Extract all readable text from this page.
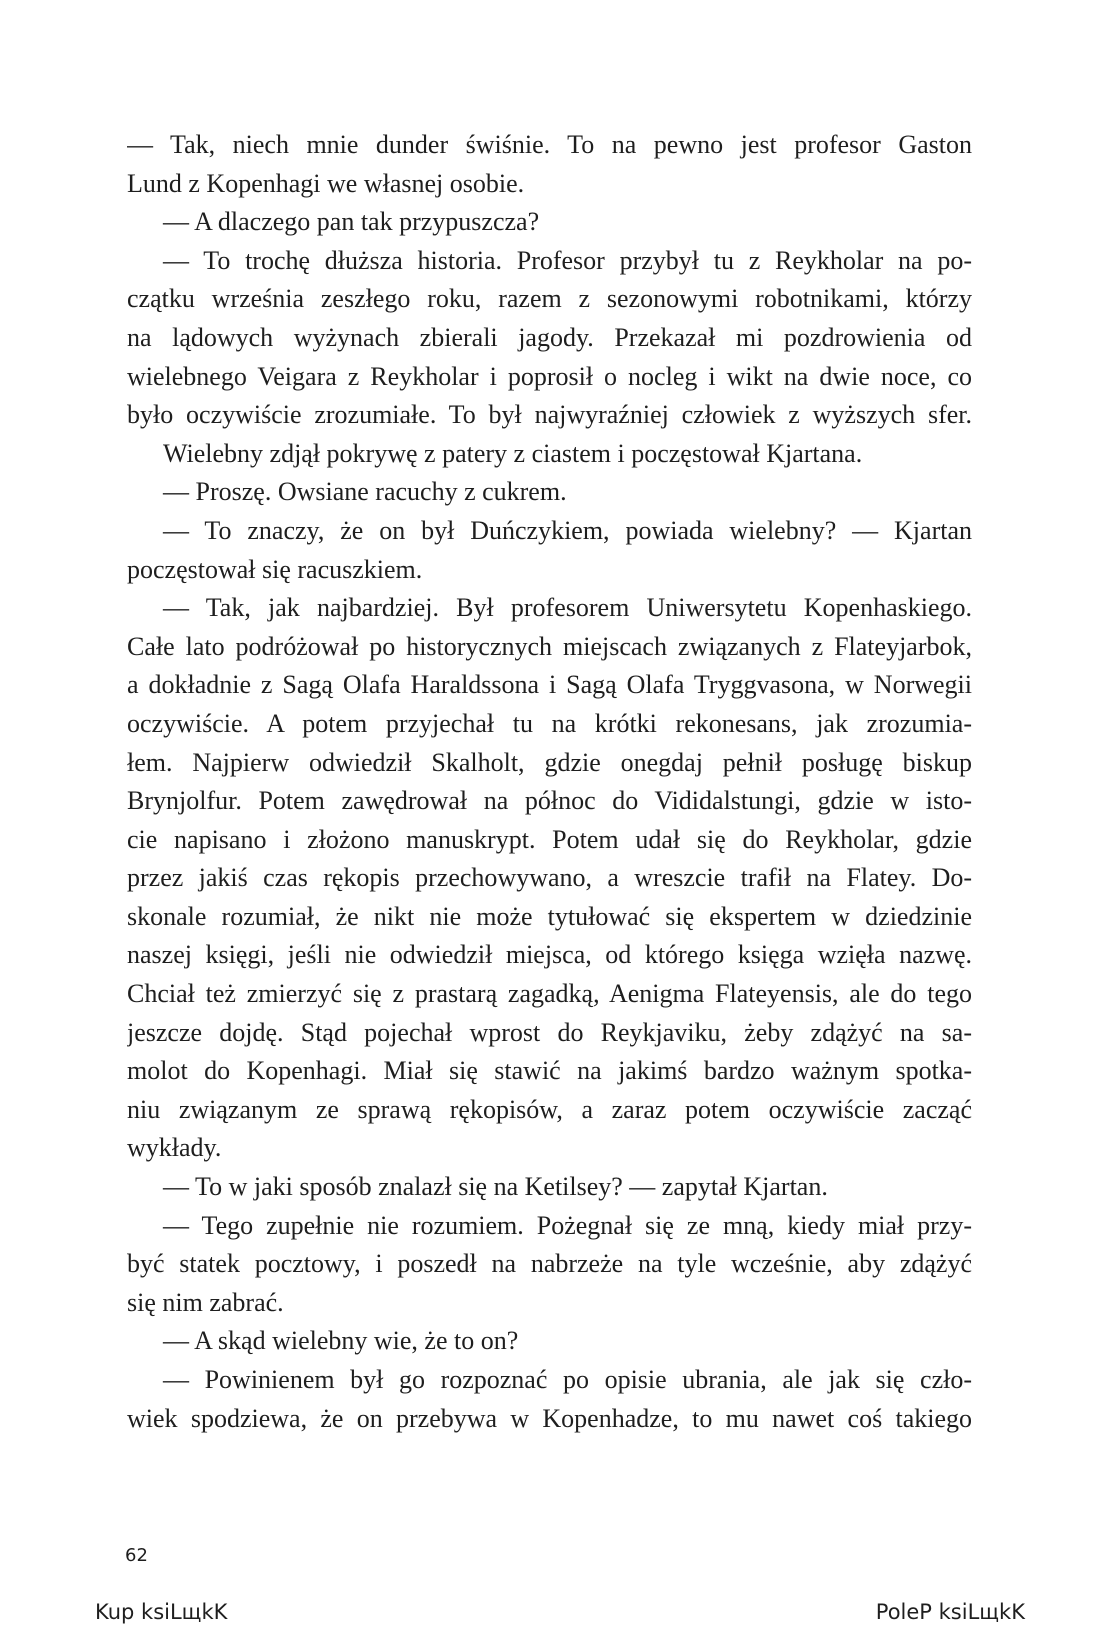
— Tak, niech mnie dunder świśnie. To na pewno jest profesor Gaston
Lund z Kopenhagi we własnej osobie.
— A dlaczego pan tak przypuszcza?
— To trochę dłuższa historia. Profesor przybył tu z Reykholar na po-
czątku września zeszłego roku, razem z sezonowymi robotnikami, którzy
na lądowych wyżynach zbierali jagody. Przekazał mi pozdrowienia od
wielebnego Veigara z Reykholar i poprosił o nocleg i wikt na dwie noce, co
było oczywiście zrozumiałe. To był najwyraźniej człowiek z wyższych sfer.
Wielebny zdjął pokrywę z patery z ciastem i poczęstował Kjartana.
— Proszę. Owsiane racuchy z cukrem.
— To znaczy, że on był Duńczykiem, powiada wielebny? — Kjartan
poczęstował się racuszkiem.
— Tak, jak najbardziej. Był profesorem Uniwersytetu Kopenhaskiego.
Całe lato podróżował po historycznych miejscach związanych z Flateyjarbok,
a dokładnie z Sagą Olafa Haraldssona i Sagą Olafa Tryggvasona, w Norwegii
oczywiście. A potem przyjechał tu na krótki rekonesans, jak zrozumia-
łem. Najpierw odwiedził Skalholt, gdzie onegdaj pełnił posługę biskup
Brynjolfur. Potem zawędrował na północ do Vididalstungi, gdzie w isto-
cie napisano i złożono manuskrypt. Potem udał się do Reykholar, gdzie
przez jakiś czas rękopis przechowywano, a wreszcie trafił na Flatey. Do-
skonale rozumiał, że nikt nie może tytułować się ekspertem w dziedzinie
naszej księgi, jeśli nie odwiedził miejsca, od którego księga wzięła nazwę.
Chciał też zmierzyć się z prastarą zagadką, Aenigma Flateyensis, ale do tego
jeszcze dojdę. Stąd pojechał wprost do Reykjaviku, żeby zdążyć na sa-
molot do Kopenhagi. Miał się stawić na jakimś bardzo ważnym spotka-
niu związanym ze sprawą rękopisów, a zaraz potem oczywiście zacząć
wykłady.
— To w jaki sposób znalazł się na Ketilsey? — zapytał Kjartan.
— Tego zupełnie nie rozumiem. Pożegnał się ze mną, kiedy miał przy-
być statek pocztowy, i poszedł na nabrzeże na tyle wcześnie, aby zdążyć
się nim zabrać.
— A skąd wielebny wie, że to on?
— Powinienem był go rozpoznać po opisie ubrania, ale jak się czło-
wiek spodziewa, że on przebywa w Kopenhadze, to mu nawet coś takiego
62
Kup ksiLщkK	PoleP ksiLщkK
